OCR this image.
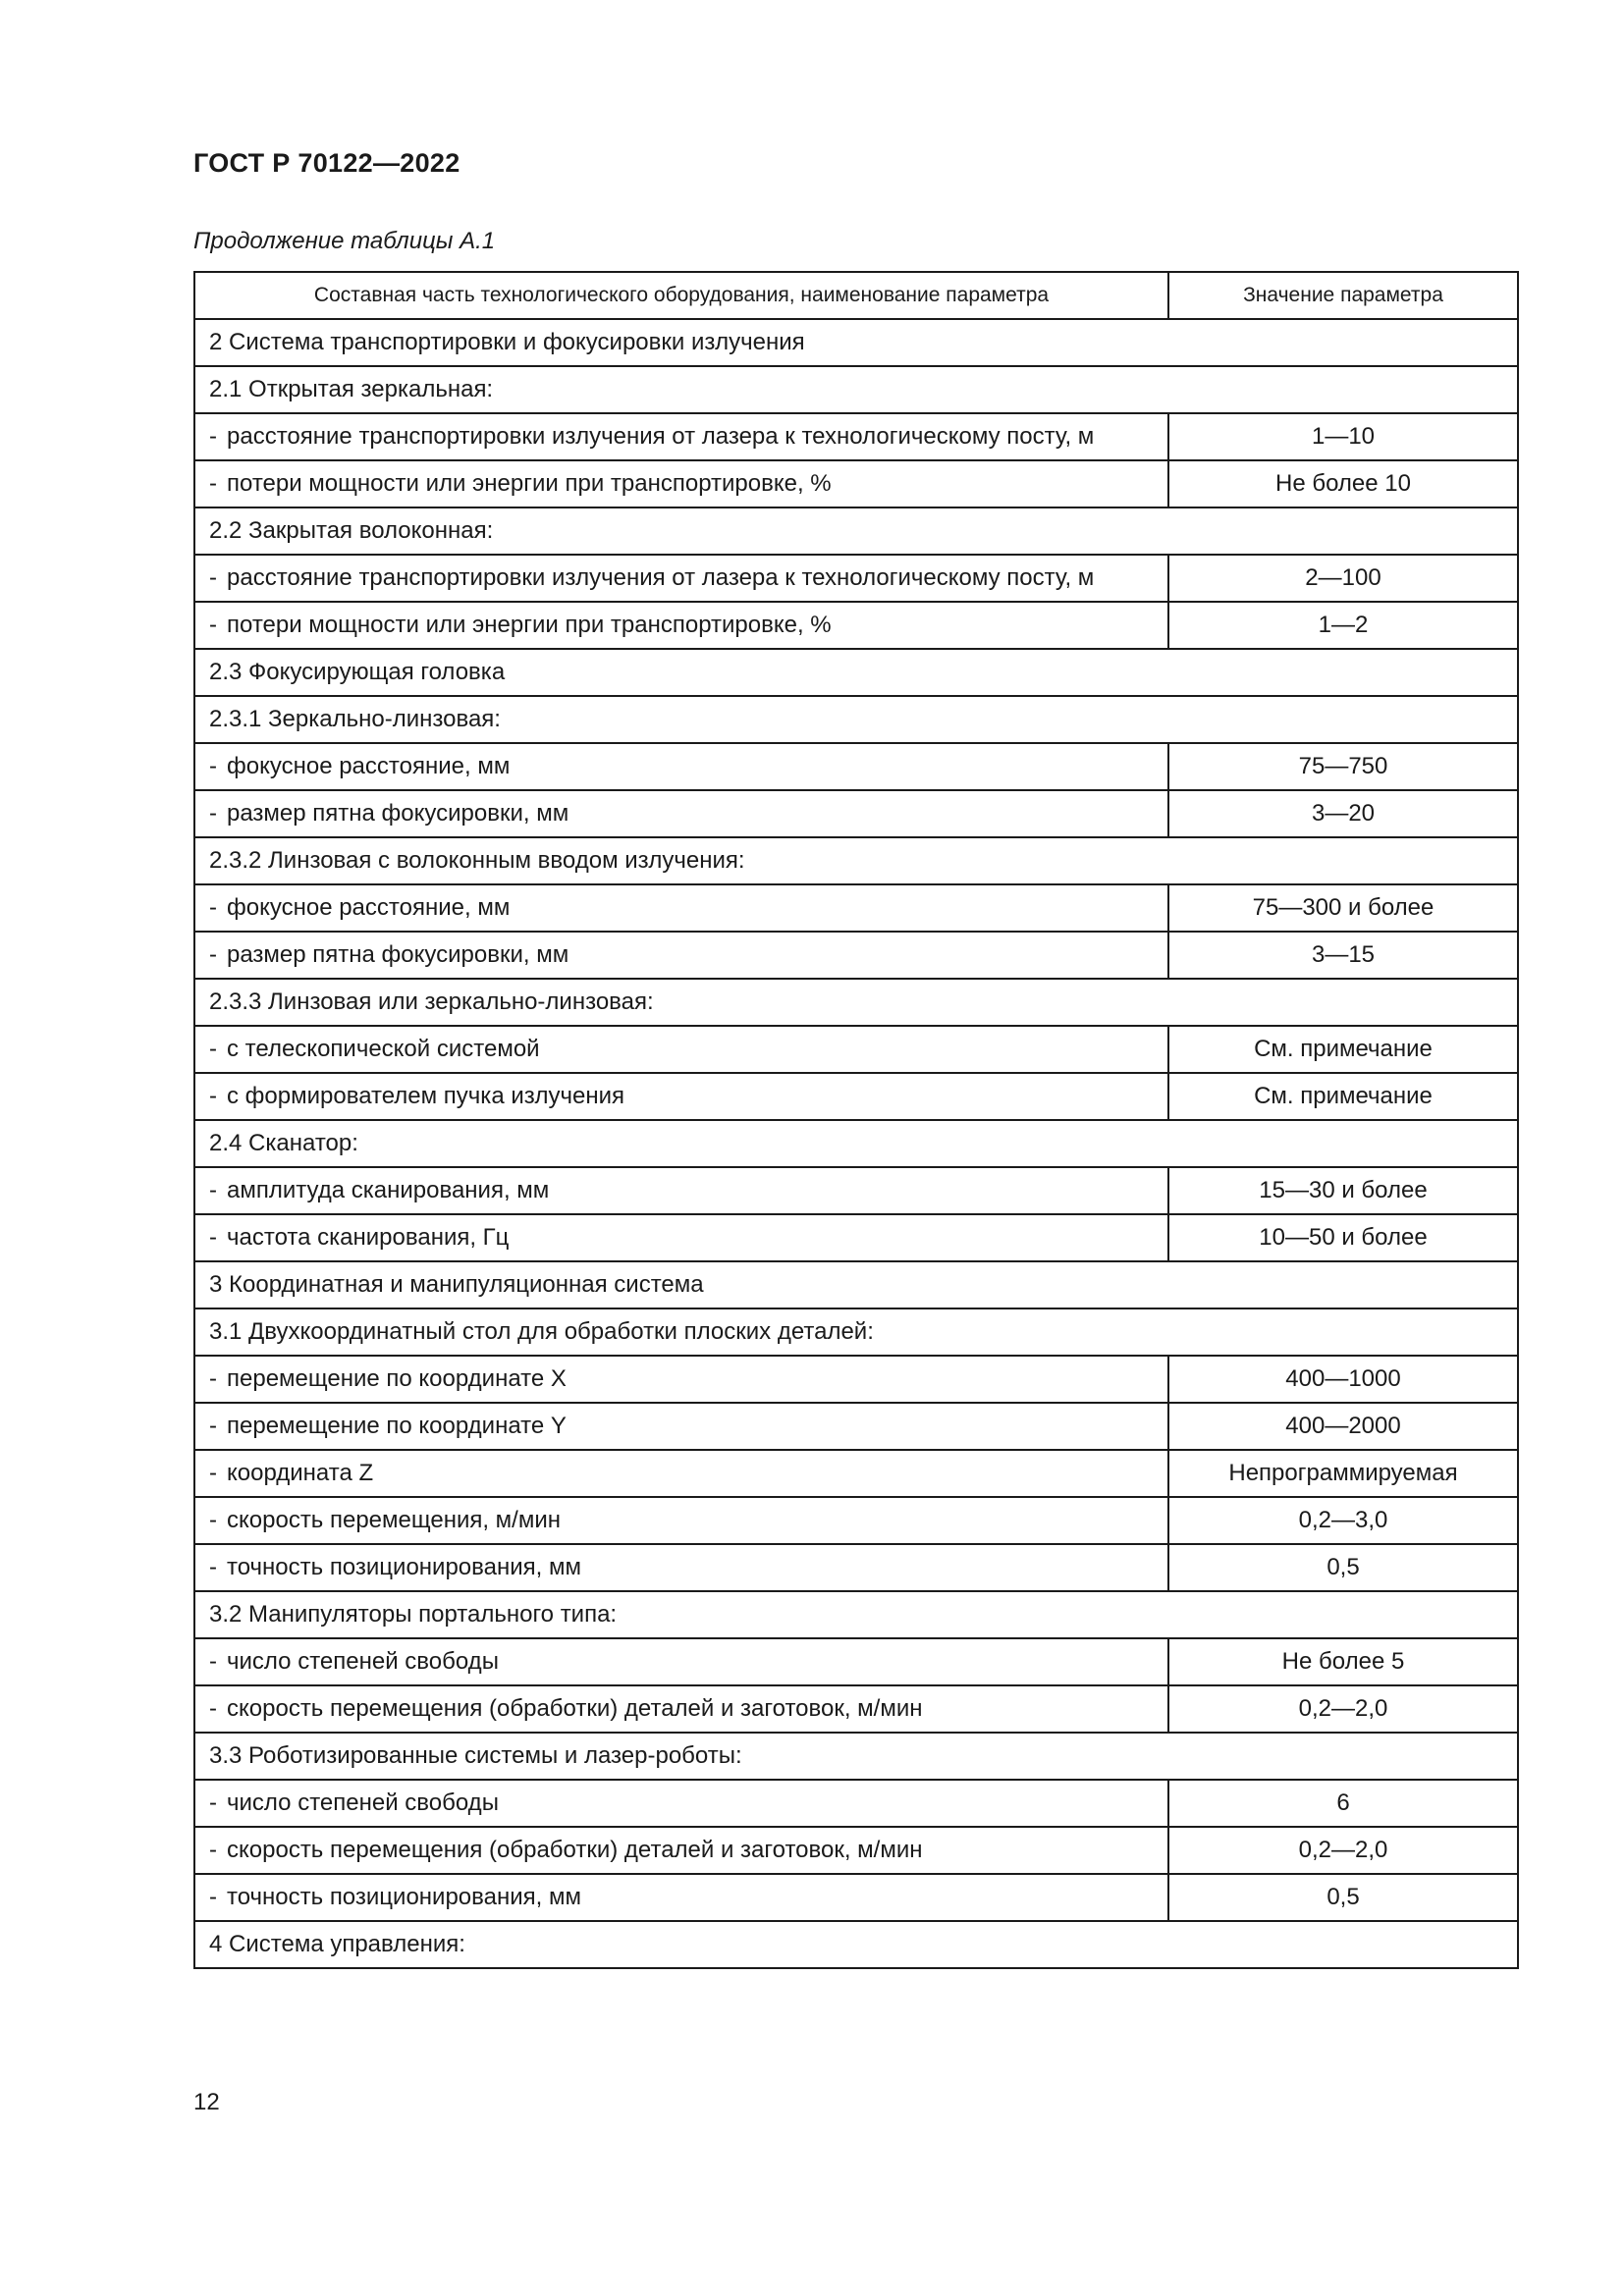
ГОСТ Р 70122—2022
Продолжение таблицы А.1
Составная часть технологического оборудования, наименование параметра	Значение параметра
2 Система транспортировки и фокусировки излучения	
2.1 Открытая зеркальная:	
- расстояние транспортировки излучения от лазера к технологическому посту, м	1—10
- потери мощности или энергии при транспортировке, %	Не более 10
2.2 Закрытая волоконная:	
- расстояние транспортировки излучения от лазера к технологическому посту, м	2—100
- потери мощности или энергии при транспортировке, %	1—2
2.3 Фокусирующая головка	
2.3.1 Зеркально-линзовая:	
- фокусное расстояние, мм	75—750
- размер пятна фокусировки, мм	3—20
2.3.2 Линзовая с волоконным вводом излучения:	
- фокусное расстояние, мм	75—300 и более
- размер пятна фокусировки, мм	3—15
2.3.3 Линзовая или зеркально-линзовая:	
- с телескопической системой	См. примечание
- с формирователем пучка излучения	См. примечание
2.4 Сканатор:	
- амплитуда сканирования, мм	15—30 и более
- частота сканирования, Гц	10—50 и более
3 Координатная и манипуляционная система	
3.1 Двухкоординатный стол для обработки плоских деталей:	
- перемещение по координате X	400—1000
- перемещение по координате Y	400—2000
- координата Z	Непрограммируемая
- скорость перемещения, м/мин	0,2—3,0
- точность позиционирования, мм	0,5
3.2 Манипуляторы портального типа:	
- число степеней свободы	Не более 5
- скорость перемещения (обработки) деталей и заготовок, м/мин	0,2—2,0
3.3 Роботизированные системы и лазер-роботы:	
- число степеней свободы	6
- скорость перемещения (обработки) деталей и заготовок, м/мин	0,2—2,0
- точность позиционирования, мм	0,5
4 Система управления:	
12
